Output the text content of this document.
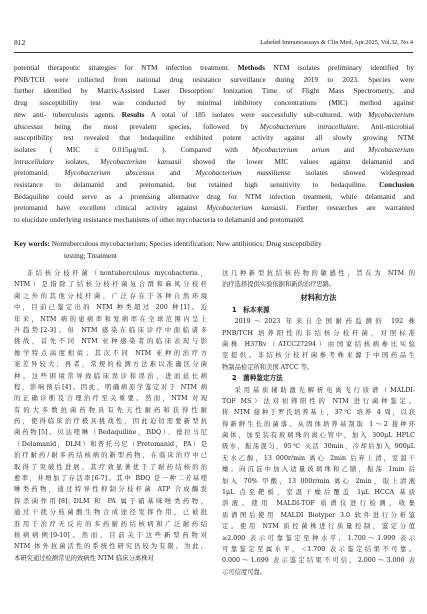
812	Labeled Immunoassays & Clin Med, Apr.2025, Vol.32, No.4

potential therapeutic strategies for NTM infection treatment. Methods NTM isolates preliminary identified by

PNB/TCH were collected from national drug resistance surveillance during 2019 to 2023. Species were

further identified by Matrix-Assisted Laser Desorption/ Ionization Time of Flight Mass Spectrometry, and

drug susceptibility test was conducted by minimal inhibitory concentrations (MIC) method against

new anti- tuberculosis agents. Results A total of 185 isolates were successfully sub-cultured, with Mycobacterium

abscessus being the most prevalent species, followed by Mycobacterium intracellulare. Anti-microbial

susceptibility test revealed that bedaquiline exhibited potent activity against all slowly growing NTM

isolates ( MIC ≤ 0.015μg/mL ). Compared with Mycobacterium avium and Mycobacterium

intracellulare isolates, Mycobacterium kansasii showed the lower MIC values against delamanid and

pretomanid. Mycobacterium abscessus and Mycobacterium massiliense isolates showed widespread

resistance to delamanid and pretomanid, but retained high sensitivity to bedaquiline. Conclusion

Bedaquiline could serve as a promising alternative drug for NTM infection treatment, while delamanid and

pretomanid have excellent clinical activity against Mycobacterium kansasii. Further researches are warranted

to elucidate underlying resistance mechanisms of other mycobacteria to delamanid and pretomanid.

Key words: Nontuberculous mycobacterium; Species identification; New antibiotics; Drug susceptibility
testing; Treatment
非结核分枝杆菌（nontuberculous mycobacteria，
NTM）是指除了结核分枝杆菌复合群和麻风分枝杆
菌之外的其他分枝杆菌，广泛存在于各种自然环境
中，目前已鉴定出的 NTM 种类超过 200 种[1]。近
年来，NTM 病的患病率和发病率在全球范围内呈上
升趋势[2-3]。但 NTM 感染在临床诊疗中面临诸多
挑战，首先不同 NTM 亚种感染者的临床表现与影
像学特点高度相似；其次不同 NTM 亚种的治疗方
案差异较大；再者，常规的检测方法难以准确区分菌
种。这些困境常导致临床误诊和误治，进而延长病
程，影响预后[4]。因此，明确病原学鉴定对于 NTM 病
的正确诊断及合理治疗至关重要。然而，NTM 对现
有的大多数抗菌药物具有先天性耐药和获得性耐
药，使得临床治疗极具挑战性，因此迫切需要新型抗
菌药物[5]。贝达喹啉（Bedaquiline，BDQ）、德拉马尼
（Delamanid，DLM）和普托马尼（Pretomanid，PA）是
治疗耐药/耐多药结核病的新型药物，在临床治疗中已
取得了突破性进展，其疗效显著优于了耐药结核的治
愈率，并增加了存活率[6-7]。其中 BDQ 是一种二芳基喹
啉类药物，通过特异性抑制分枝杆菌 ATP 合成酶发
挥杀菌作用[8]；DLM 和 PA 属于硝基咪唑类药物，
通过干扰分枝菌酸生物合成途径发挥作用，已被批
准用于治疗无反应的多药耐药结核病和广泛耐药结
核病病例[9-10]。然而，目前关于这些新型药物对
NTM 体外抗菌活性的系统性研究仍较为有限。为此，
本研究通过检测常见的致病性 NTM 临床分离株对
这几种新型抗结核药物的敏感性，旨在为 NTM 的
治疗选择提供实验依据和新的治疗思路。
材料和方法
1　标本来源
2019～2023 年来自全国耐药监测的 192 株
PNB/TCH 培养阳性的非结核分枝杆菌，对照标准
菌株 H37Rv（ATCC27294）由国家结核病参比实验
室提供。非结核分枝杆菌参考株来源于中国药品生
物制品检定所和美国 ATCC 等。
2　菌种鉴定方法
采用基质辅助激光解析电离飞行质谱（MALDI-
TOF MS）法对初筛阳性的 NTM 进行菌种鉴定。
将 NTM 接种于罗氏培养基上，37℃ 培养 4 周，以获
得新鲜生长的菌落。从固体培养基刮取 1～2 接种环
菌体，加至装有玻璃珠的离心管中，加入 300μL HPLC
级水，振荡混匀，95℃ 灭活 30min，冷却后加入 900μL
无水乙醇，13 000r/min 离心 2min 后弃上清，室温干
燥；向沉淀中加入适量玻璃珠和乙腈，振荡 1min 后
加入 70% 甲酸，13 000r/min 离心 2min，取上清液
1μL 点至靶板，室温干燥后覆盖 1μL HCCA 基质
溶液。使用 MALDI-TOF 质谱仪进行检测，收集
质谱图后使用 MALDI Biotyper 3.0 软件进行分析鉴
定。使用 NTM 质控菌株进行质量控制，鉴定分值
≥2.000 表示可靠鉴定至种水平，1.700～1.999 表示
可靠鉴定至属水平，＜1.700 表示鉴定结果不可靠。
0.000～1.699 表示鉴定结果不可信，2.000～3.000 表
示可信度可靠。
